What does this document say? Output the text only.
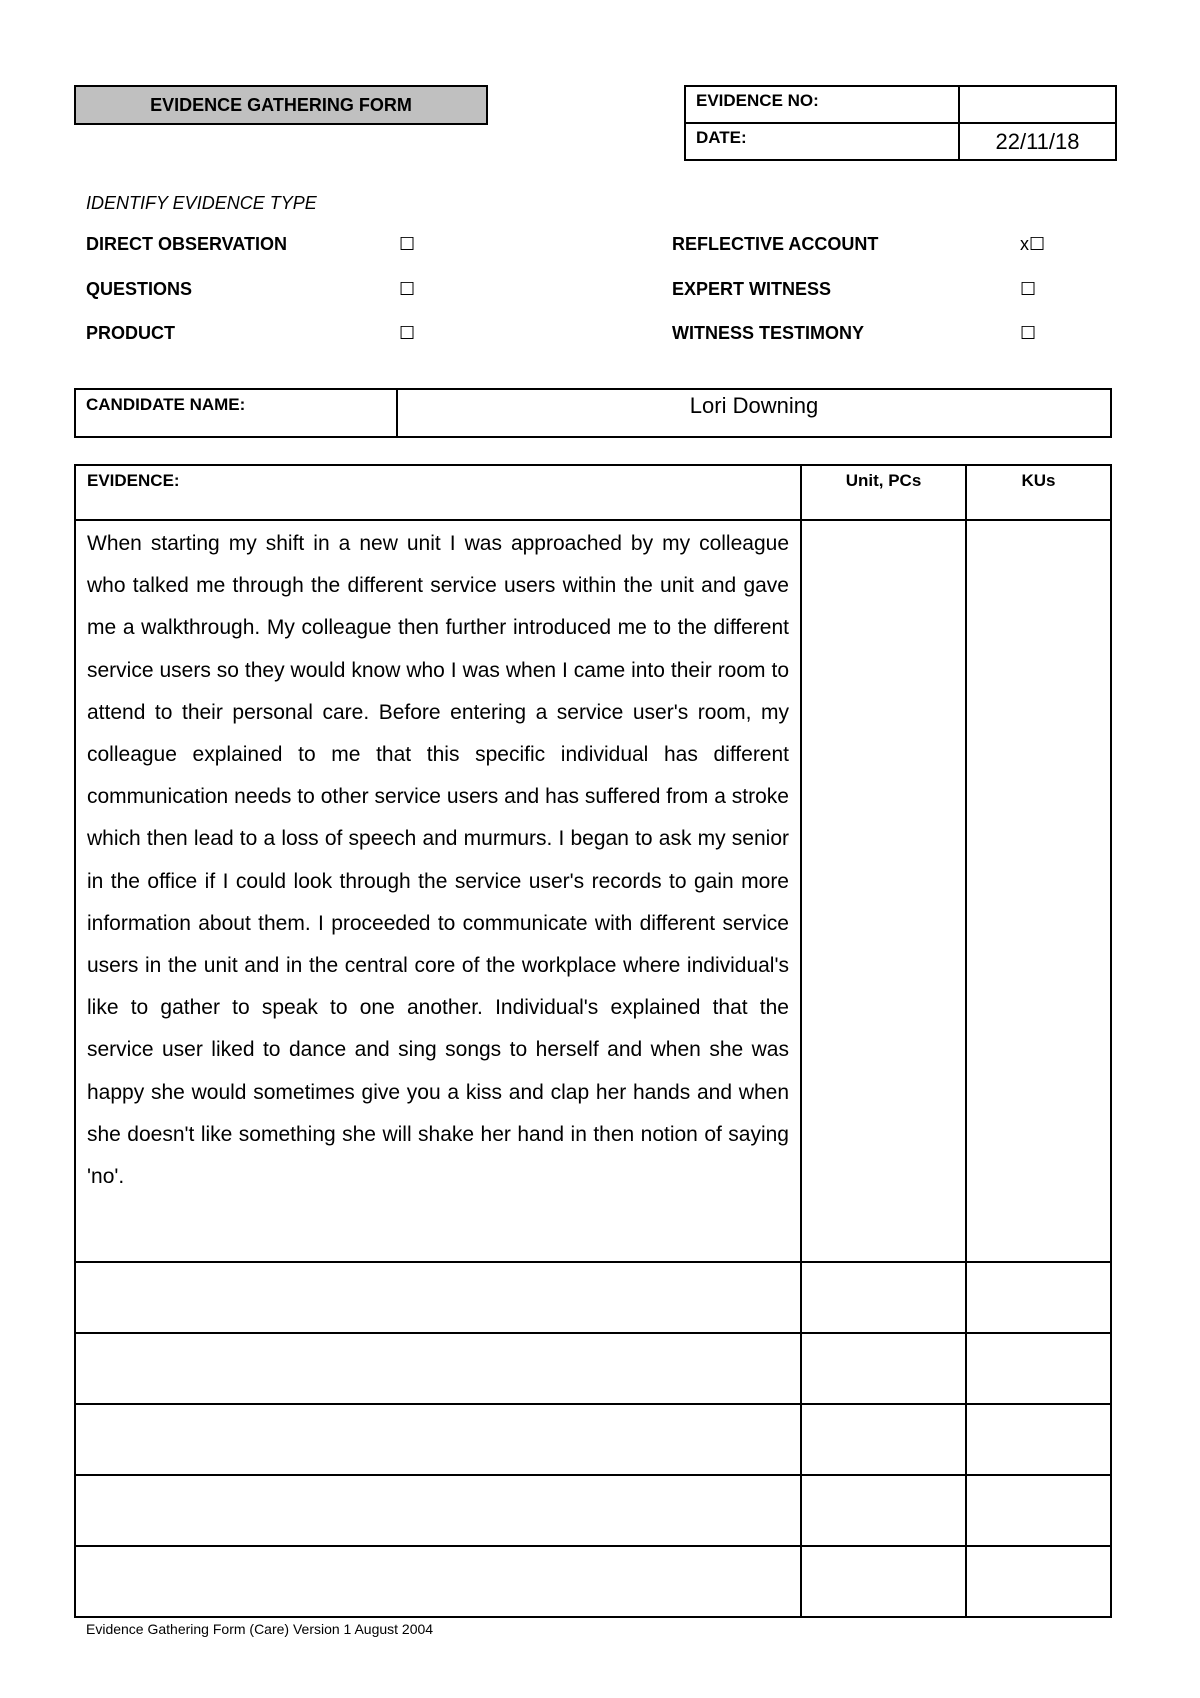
EVIDENCE GATHERING FORM	EVIDENCE NO:	
DATE:	22/11/18
IDENTIFY EVIDENCE TYPE
DIRECT OBSERVATION	☐	REFLECTIVE ACCOUNT	x☐
QUESTIONS	☐	EXPERT WITNESS	☐
PRODUCT	☐	WITNESS TESTIMONY	☐
CANDIDATE NAME:	Lori Downing
EVIDENCE:	Unit, PCs	KUs
When starting my shift in a new unit I was approached by my colleague who talked me through the different service users within the unit and gave me a walkthrough. My colleague then further introduced me to the different service users so they would know who I was when I came into their room to attend to their personal care. Before entering a service user's room, my colleague explained to me that this specific individual has different communication needs to other service users and has suffered from a stroke which then lead to a loss of speech and murmurs. I began to ask my senior in the office if I could look through the service user's records to gain more information about them. I proceeded to communicate with different service users in the unit and in the central core of the workplace where individual's like to gather to speak to one another. Individual's explained that the service user liked to dance and sing songs to herself and when she was happy she would sometimes give you a kiss and clap her hands and when she doesn't like something she will shake her hand in then notion of saying 'no'.		

Evidence Gathering Form (Care) Version 1 August 2004
